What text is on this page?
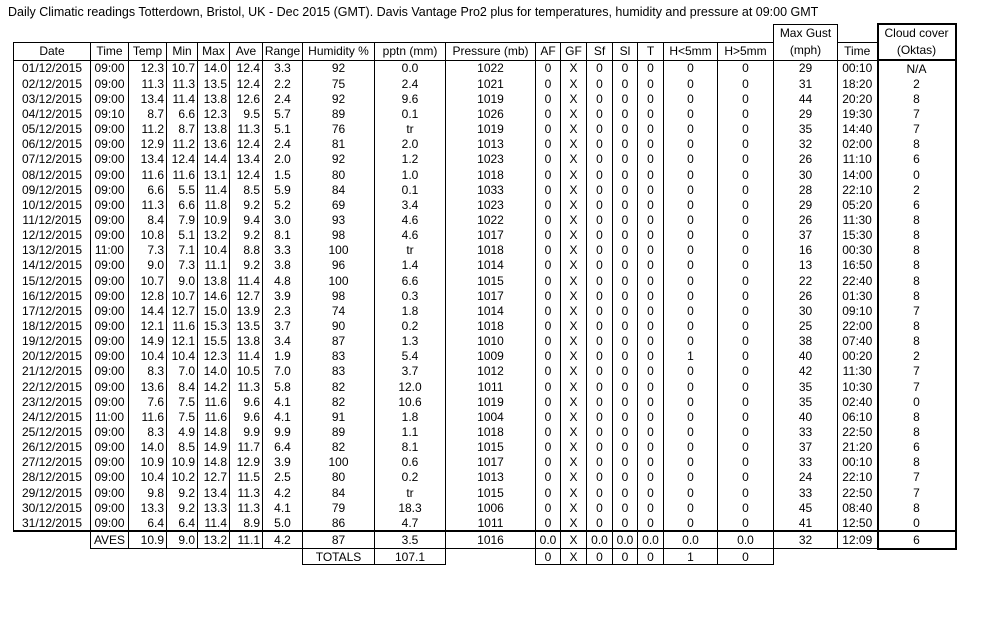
Daily Climatic readings Totterdown, Bristol, UK - Dec 2015 (GMT). Davis Vantage Pro2 plus for temperatures, humidity and pressure at 09:00 GMT
																	Max Gust		Cloud cover
Date	Time	Temp	Min	Max	Ave	Range	Humidity %	pptn (mm)	Pressure (mb)	AF	GF	Sf	Sl	T	H<5mm	H>5mm	(mph)	Time	(Oktas)
01/12/2015	09:00	12.3	10.7	14.0	12.4	3.3	92	0.0	1022	0	X	0	0	0	0	0	29	00:10	N/A
02/12/2015	09:00	11.3	11.3	13.5	12.4	2.2	75	2.4	1021	0	X	0	0	0	0	0	31	18:20	2
03/12/2015	09:00	13.4	11.4	13.8	12.6	2.4	92	9.6	1019	0	X	0	0	0	0	0	44	20:20	8
04/12/2015	09:10	8.7	6.6	12.3	9.5	5.7	89	0.1	1026	0	X	0	0	0	0	0	29	19:30	7
05/12/2015	09:00	11.2	8.7	13.8	11.3	5.1	76	tr	1019	0	X	0	0	0	0	0	35	14:40	7
06/12/2015	09:00	12.9	11.2	13.6	12.4	2.4	81	2.0	1013	0	X	0	0	0	0	0	32	02:00	8
07/12/2015	09:00	13.4	12.4	14.4	13.4	2.0	92	1.2	1023	0	X	0	0	0	0	0	26	11:10	6
08/12/2015	09:00	11.6	11.6	13.1	12.4	1.5	80	1.0	1018	0	X	0	0	0	0	0	30	14:00	0
09/12/2015	09:00	6.6	5.5	11.4	8.5	5.9	84	0.1	1033	0	X	0	0	0	0	0	28	22:10	2
10/12/2015	09:00	11.3	6.6	11.8	9.2	5.2	69	3.4	1023	0	X	0	0	0	0	0	29	05:20	6
11/12/2015	09:00	8.4	7.9	10.9	9.4	3.0	93	4.6	1022	0	X	0	0	0	0	0	26	11:30	8
12/12/2015	09:00	10.8	5.1	13.2	9.2	8.1	98	4.6	1017	0	X	0	0	0	0	0	37	15:30	8
13/12/2015	11:00	7.3	7.1	10.4	8.8	3.3	100	tr	1018	0	X	0	0	0	0	0	16	00:30	8
14/12/2015	09:00	9.0	7.3	11.1	9.2	3.8	96	1.4	1014	0	X	0	0	0	0	0	13	16:50	8
15/12/2015	09:00	10.7	9.0	13.8	11.4	4.8	100	6.6	1015	0	X	0	0	0	0	0	22	22:40	8
16/12/2015	09:00	12.8	10.7	14.6	12.7	3.9	98	0.3	1017	0	X	0	0	0	0	0	26	01:30	8
17/12/2015	09:00	14.4	12.7	15.0	13.9	2.3	74	1.8	1014	0	X	0	0	0	0	0	30	09:10	7
18/12/2015	09:00	12.1	11.6	15.3	13.5	3.7	90	0.2	1018	0	X	0	0	0	0	0	25	22:00	8
19/12/2015	09:00	14.9	12.1	15.5	13.8	3.4	87	1.3	1010	0	X	0	0	0	0	0	38	07:40	8
20/12/2015	09:00	10.4	10.4	12.3	11.4	1.9	83	5.4	1009	0	X	0	0	0	1	0	40	00:20	2
21/12/2015	09:00	8.3	7.0	14.0	10.5	7.0	83	3.7	1012	0	X	0	0	0	0	0	42	11:30	7
22/12/2015	09:00	13.6	8.4	14.2	11.3	5.8	82	12.0	1011	0	X	0	0	0	0	0	35	10:30	7
23/12/2015	09:00	7.6	7.5	11.6	9.6	4.1	82	10.6	1019	0	X	0	0	0	0	0	35	02:40	0
24/12/2015	11:00	11.6	7.5	11.6	9.6	4.1	91	1.8	1004	0	X	0	0	0	0	0	40	06:10	8
25/12/2015	09:00	8.3	4.9	14.8	9.9	9.9	89	1.1	1018	0	X	0	0	0	0	0	33	22:50	8
26/12/2015	09:00	14.0	8.5	14.9	11.7	6.4	82	8.1	1015	0	X	0	0	0	0	0	37	21:20	6
27/12/2015	09:00	10.9	10.9	14.8	12.9	3.9	100	0.6	1017	0	X	0	0	0	0	0	33	00:10	8
28/12/2015	09:00	10.4	10.2	12.7	11.5	2.5	80	0.2	1013	0	X	0	0	0	0	0	24	22:10	7
29/12/2015	09:00	9.8	9.2	13.4	11.3	4.2	84	tr	1015	0	X	0	0	0	0	0	33	22:50	7
30/12/2015	09:00	13.3	9.2	13.3	11.3	4.1	79	18.3	1006	0	X	0	0	0	0	0	45	08:40	8
31/12/2015	09:00	6.4	6.4	11.4	8.9	5.0	86	4.7	1011	0	X	0	0	0	0	0	41	12:50	0
	AVES	10.9	9.0	13.2	11.1	4.2	87	3.5	1016	0.0	X	0.0	0.0	0.0	0.0	0.0	32	12:09	6
							TOTALS	107.1		0	X	0	0	0	1	0			
